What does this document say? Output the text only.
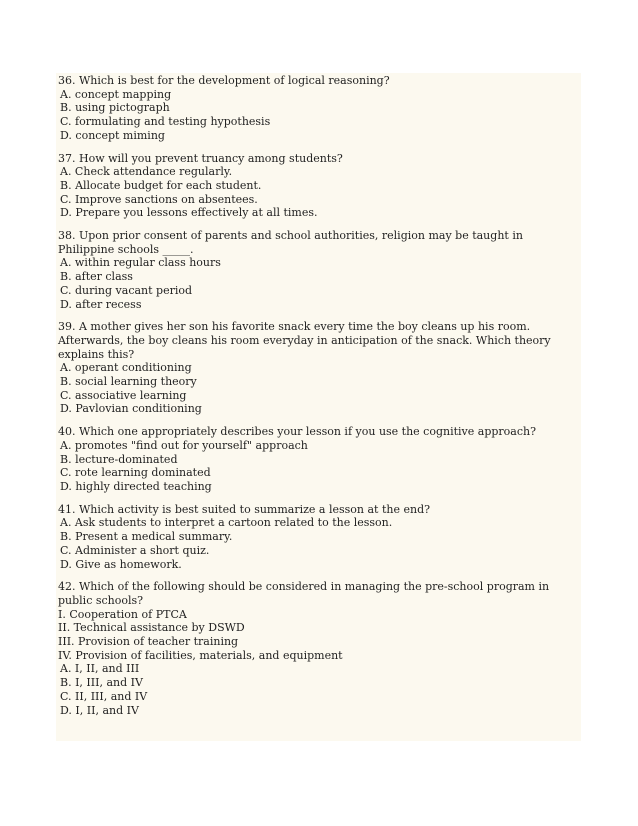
36. Which is best for the development of logical reasoning?
A. concept mapping
B. using pictograph
C. formulating and testing hypothesis
D. concept miming
37. How will you prevent truancy among students?
A. Check attendance regularly.
B. Allocate budget for each student.
C. Improve sanctions on absentees.
D. Prepare you lessons effectively at all times.
38. Upon prior consent of parents and school authorities, religion may be taught in Philippine schools _____.
A. within regular class hours
B. after class
C. during vacant period
D. after recess
39. A mother gives her son his favorite snack every time the boy cleans up his room. Afterwards, the boy cleans his room everyday in anticipation of the snack. Which theory explains this?
A. operant conditioning
B. social learning theory
C. associative learning
D. Pavlovian conditioning
40. Which one appropriately describes your lesson if you use the cognitive approach?
A. promotes "find out for yourself" approach
B. lecture-dominated
C. rote learning dominated
D. highly directed teaching
41. Which activity is best suited to summarize a lesson at the end?
A. Ask students to interpret a cartoon related to the lesson.
B. Present a medical summary.
C. Administer a short quiz.
D. Give as homework.
42. Which of the following should be considered in managing the pre-school program in public schools?
I. Cooperation of PTCA
II. Technical assistance by DSWD
III. Provision of teacher training
IV. Provision of facilities, materials, and equipment
A. I, II, and III
B. I, III, and IV
C. II, III, and IV
D. I, II, and IV
